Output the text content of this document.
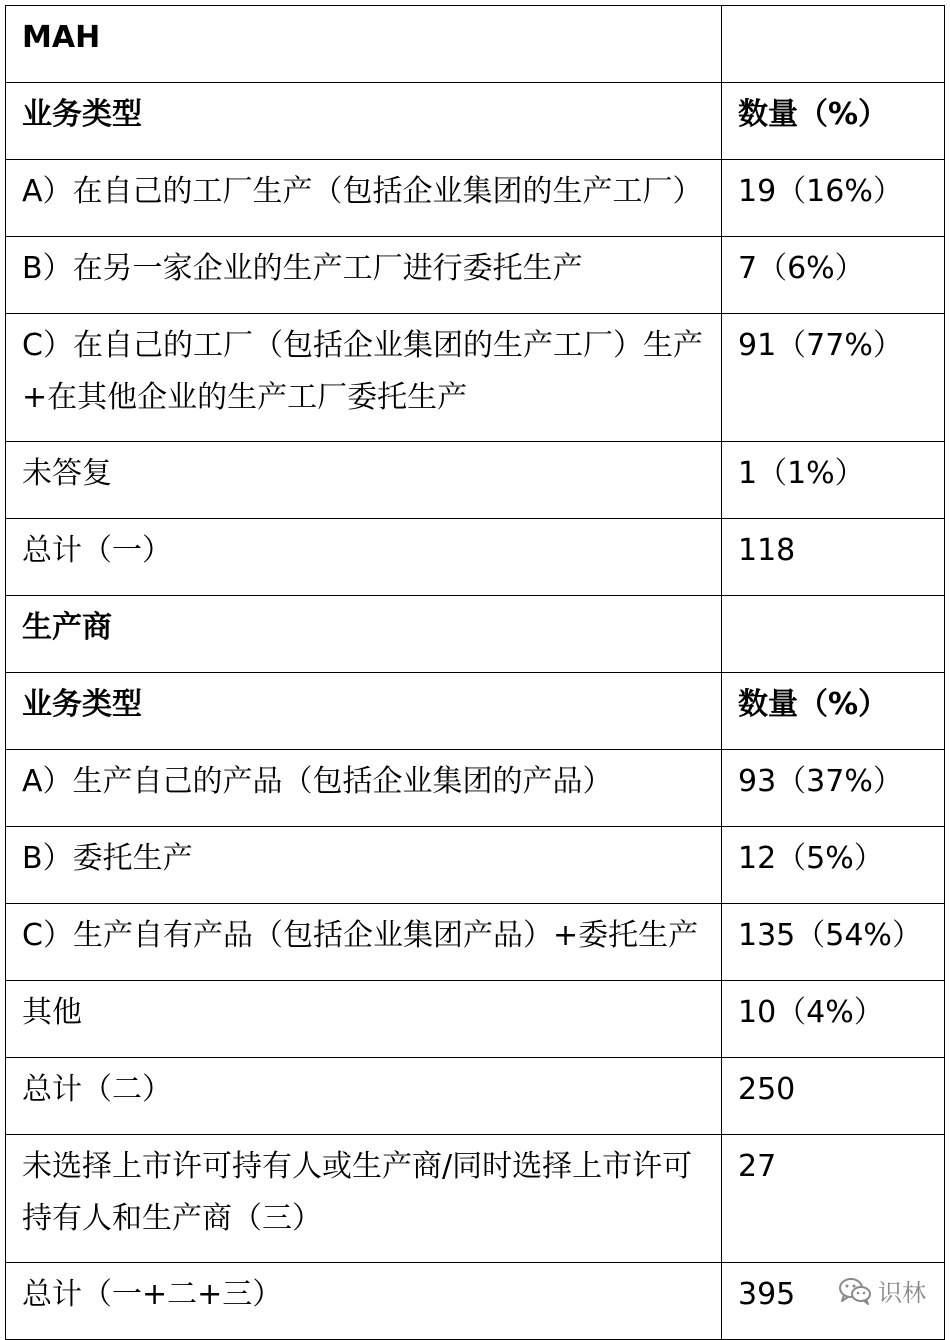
MAH	
业务类型	数量（%）
A）在自己的工厂生产（包括企业集团的生产工厂）	19（16%）
B）在另一家企业的生产工厂进行委托生产	7（6%）
C）在自己的工厂（包括企业集团的生产工厂）生产+在其他企业的生产工厂委托生产	91（77%）
未答复	1（1%）
总计（一）	118
生产商	
业务类型	数量（%）
A）生产自己的产品（包括企业集团的产品）	93（37%）
B）委托生产	12（5%）
C）生产自有产品（包括企业集团产品）+委托生产	135（54%）
其他	10（4%）
总计（二）	250
未选择上市许可持有人或生产商/同时选择上市许可持有人和生产商（三）	27
总计（一+二+三）	395	识林
